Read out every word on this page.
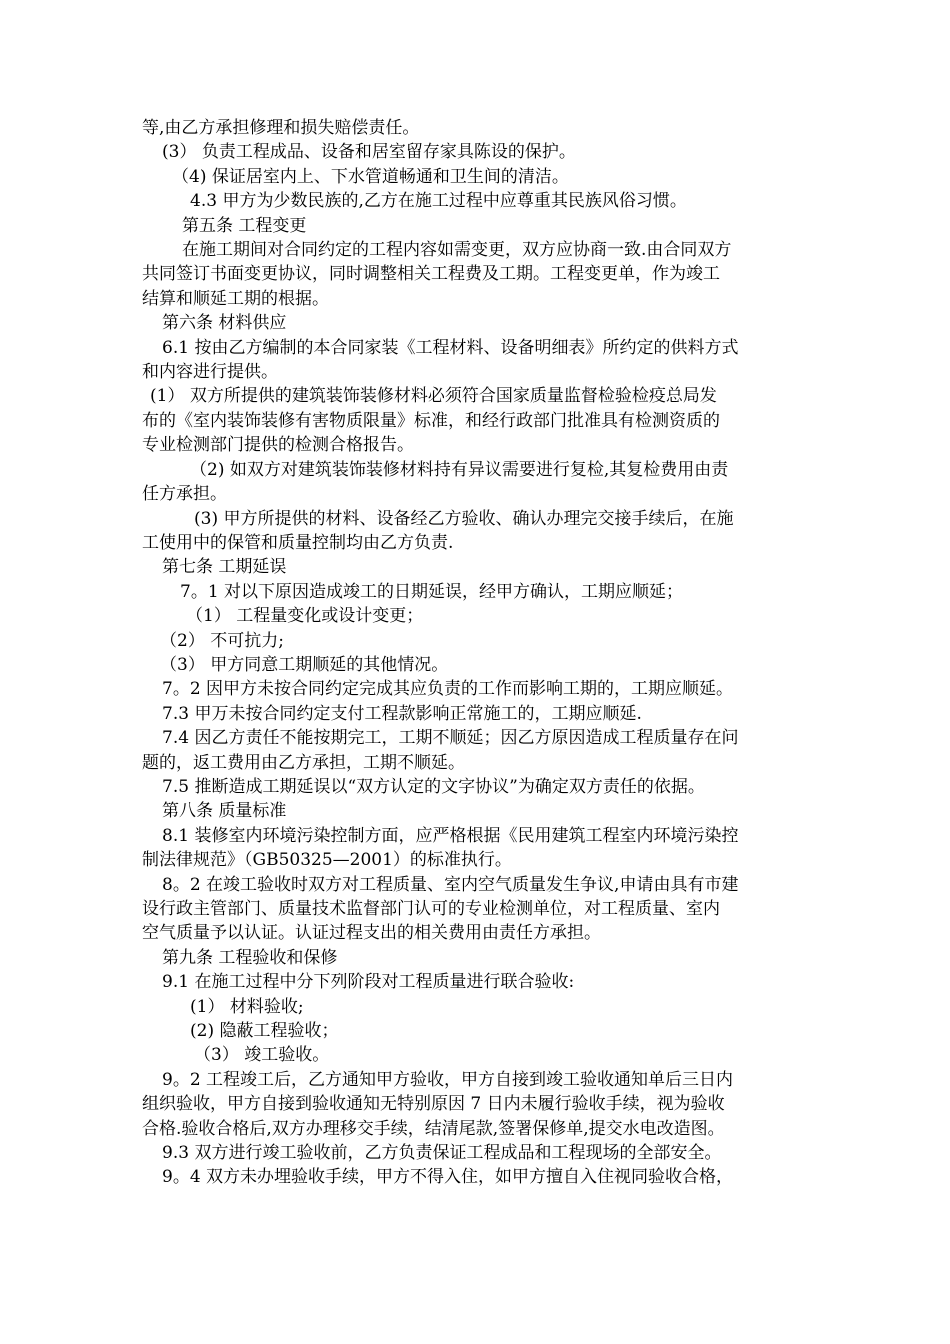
等,由乙方承担修理和损失赔偿责任。
(3） 负责工程成品、设备和居室留存家具陈设的保护。
（4) 保证居室内上、下水管道畅通和卫生间的清洁。
4.3 甲方为少数民族的,乙方在施工过程中应尊重其民族风俗习惯。
第五条 工程变更
在施工期间对合同约定的工程内容如需变更，双方应协商一致.由合同双方
共同签订书面变更协议，同时调整相关工程费及工期。工程变更单，作为竣工
结算和顺延工期的根据。
第六条 材料供应
6.1 按由乙方编制的本合同家装《工程材料、设备明细表》所约定的供料方式
和内容进行提供。
(1） 双方所提供的建筑装饰装修材料必须符合国家质量监督检验检疫总局发
布的《室内装饰装修有害物质限量》标准，和经行政部门批准具有检测资质的
专业检测部门提供的检测合格报告。
（2) 如双方对建筑装饰装修材料持有异议需要进行复检,其复检费用由责
任方承担。
(3) 甲方所提供的材料、设备经乙方验收、确认办理完交接手续后，在施
工使用中的保管和质量控制均由乙方负责.
第七条 工期延误
7。1 对以下原因造成竣工的日期延误，经甲方确认，工期应顺延；
（1） 工程量变化或设计变更；
（2） 不可抗力;
（3） 甲方同意工期顺延的其他情况。
7。2 因甲方未按合同约定完成其应负责的工作而影响工期的，工期应顺延。
7.3 甲万未按合同约定支付工程款影响正常施工的，工期应顺延.
7.4 因乙方责任不能按期完工，工期不顺延；因乙方原因造成工程质量存在问
题的，返工费用由乙方承担，工期不顺延。
7.5 推断造成工期延误以“双方认定的文字协议”为确定双方责任的依据。
第八条 质量标准
8.1 装修室内环境污染控制方面，应严格根据《民用建筑工程室内环境污染控
制法律规范》（GB50325—2001）的标准执行。
8。2 在竣工验收时双方对工程质量、室内空气质量发生争议,申请由具有市建
设行政主管部门、质量技术监督部门认可的专业检测单位，对工程质量、室内
空气质量予以认证。认证过程支出的相关费用由责任方承担。
第九条 工程验收和保修
9.1 在施工过程中分下列阶段对工程质量进行联合验收:
(1） 材料验收;
(2) 隐蔽工程验收；
（3） 竣工验收。
9。2 工程竣工后，乙方通知甲方验收，甲方自接到竣工验收通知单后三日内
组织验收，甲方自接到验收通知无特别原因 7 日内未履行验收手续，视为验收
合格.验收合格后,双方办理移交手续，结清尾款,签署保修单,提交水电改造图。
9.3 双方进行竣工验收前，乙方负责保证工程成品和工程现场的全部安全。
9。4 双方未办埋验收手续，甲方不得入住，如甲方擅自入住视同验收合格，
